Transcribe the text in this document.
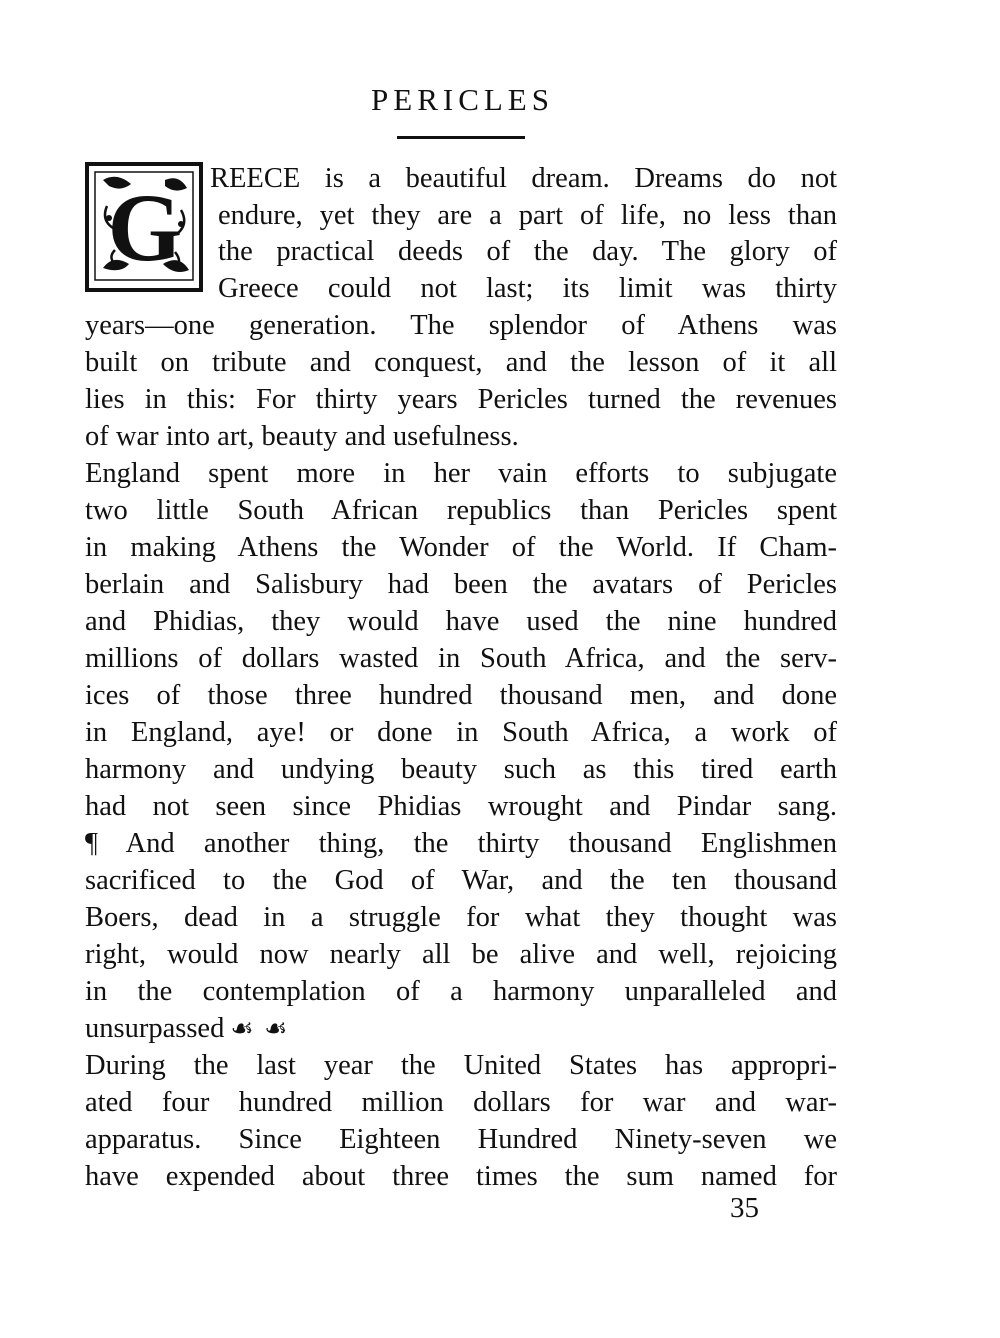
PERICLES
G REECE is a beautiful dream. Dreams do not
endure, yet they are a part of life, no less than
the practical deeds of the day. The glory of
Greece could not last; its limit was thirty
years—one generation. The splendor of Athens was
built on tribute and conquest, and the lesson of it all
lies in this: For thirty years Pericles turned the revenues
of war into art, beauty and usefulness.
England spent more in her vain efforts to subjugate
two little South African republics than Pericles spent
in making Athens the Wonder of the World. If Cham-
berlain and Salisbury had been the avatars of Pericles
and Phidias, they would have used the nine hundred
millions of dollars wasted in South Africa, and the serv-
ices of those three hundred thousand men, and done
in England, aye! or done in South Africa, a work of
harmony and undying beauty such as this tired earth
had not seen since Phidias wrought and Pindar sang.
¶ And another thing, the thirty thousand Englishmen
sacrificed to the God of War, and the ten thousand
Boers, dead in a struggle for what they thought was
right, would now nearly all be alive and well, rejoicing
in the contemplation of a harmony unparalleled and
unsurpassed ☙ ☙
During the last year the United States has appropri-
ated four hundred million dollars for war and war-
apparatus. Since Eighteen Hundred Ninety-seven we
have expended about three times the sum named for
35
